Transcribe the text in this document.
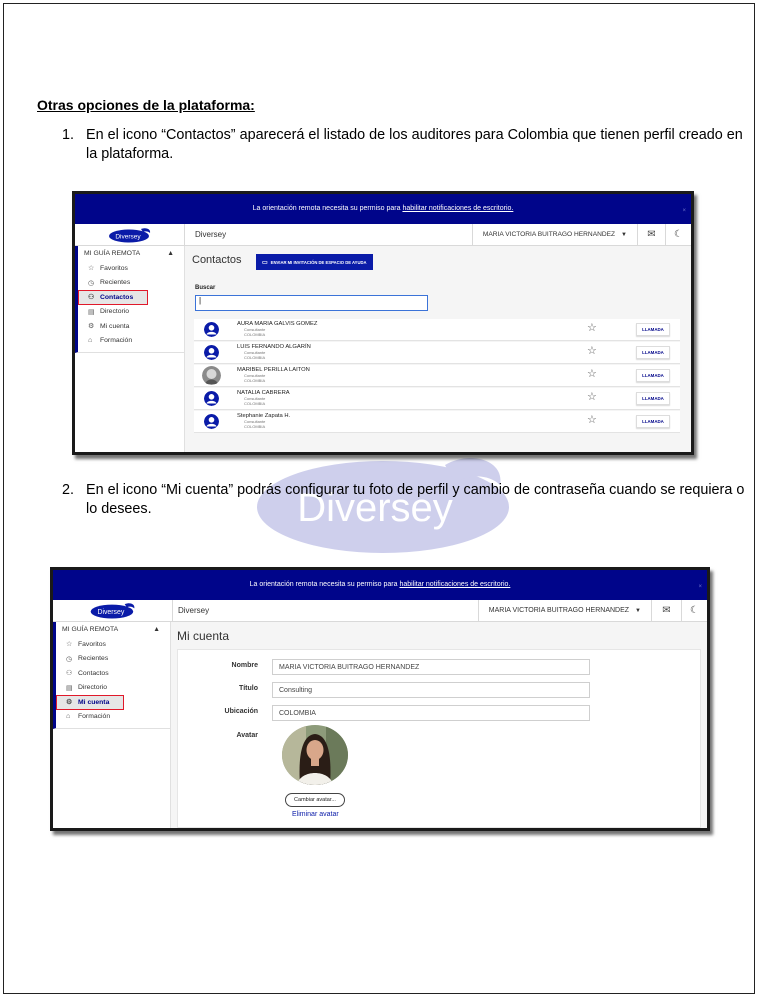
Otras opciones de la plataforma:
1. En el icono “Contactos” aparecerá el listado de los auditores para Colombia que tienen perfil creado en la plataforma.
Diversey
2. En el icono “Mi cuenta” podrás configurar tu foto de perfil y cambio de contraseña cuando se requiera o lo desees.
La orientación remota necesita su permiso para habilitar notificaciones de escritorio.	×
Diversey	Diversey	MARIA VICTORIA BUITRAGO HERNANDEZ ▼	✉	☾
MI GUÍA REMOTA	▲
☆ Favoritos
◷ Recientes
⚇ Contactos
▤ Directorio
⚙ Mi cuenta
⌂	Formación
Contactos	▭ ENVIAR MI INVITACIÓN DE ESPACIO DE AYUDA
Buscar
|
AURA MARIA GALVIS GOMEZ
Consultante
COLOMBIA
☆	LLAMADA
LUIS FERNANDO ALGARÍN
Consultante
COLOMBIA
☆	LLAMADA
MARIBEL PERILLA LAITON
Consultante
COLOMBIA
☆	LLAMADA
NATALIA CABRERA
Consultante
COLOMBIA
☆	LLAMADA
Stephanie Zapata H.
Consultante
COLOMBIA
☆	LLAMADA
La orientación remota necesita su permiso para habilitar notificaciones de escritorio.	×
Diversey	Diversey	MARIA VICTORIA BUITRAGO HERNANDEZ ▼	✉	☾
MI GUÍA REMOTA	▲
☆ Favoritos
◷ Recientes
⚇ Contactos
▤ Directorio
⚙ Mi cuenta
⌂	Formación
Mi cuenta
Nombre	MARIA VICTORIA BUITRAGO HERNANDEZ
Título	Consulting
Ubicación	COLOMBIA
Avatar
Cambiar avatar...
Eliminar avatar
